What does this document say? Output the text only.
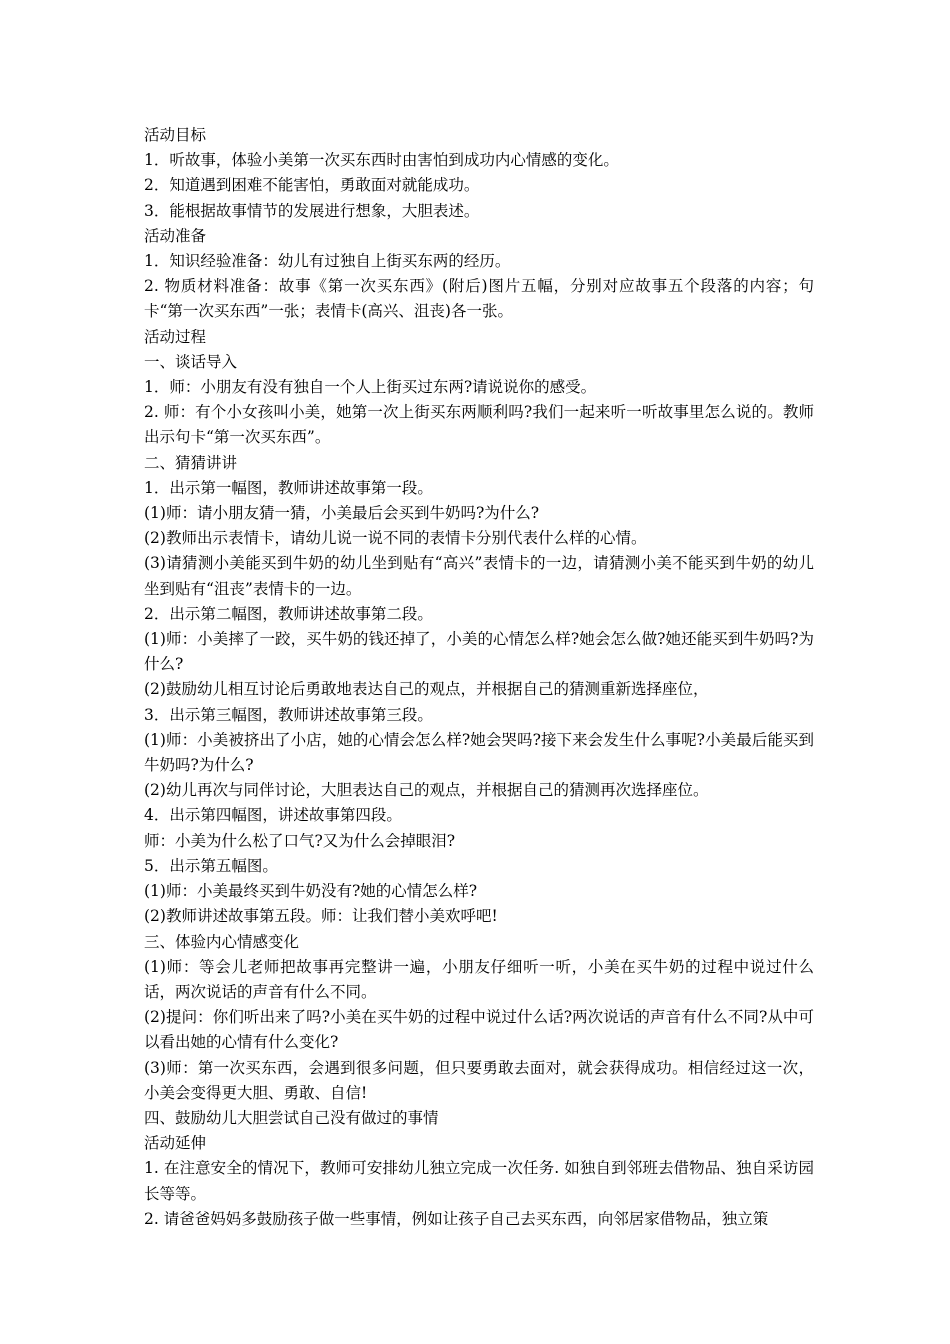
活动目标

1．听故事，体验小美第一次买东西时由害怕到成功内心情感的变化。

2．知道遇到困难不能害怕，勇敢面对就能成功。

3．能根据故事情节的发展进行想象，大胆表述。

活动准备

1．知识经验准备：幼儿有过独自上街买东两的经历。

2. 物质材料准备：故事《第一次买东西》(附后)图片五幅，分别对应故事五个段落的内容；句卡“第一次买东西”一张；表情卡(高兴、沮丧)各一张。

活动过程

一、谈话导入

1．师：小朋友有没有独自一个人上街买过东两?请说说你的感受。

2. 师：有个小女孩叫小美，她第一次上街买东两顺利吗?我们一起来听一听故事里怎么说的。教师出示句卡“第一次买东西”。

二、猜猜讲讲

1．出示第一幅图，教师讲述故事第一段。

(1)师：请小朋友猜一猜，小美最后会买到牛奶吗?为什么?

(2)教师出示表情卡，请幼儿说一说不同的表情卡分别代表什么样的心情。

(3)请猜测小美能买到牛奶的幼儿坐到贴有“高兴”表情卡的一边，请猜测小美不能买到牛奶的幼儿坐到贴有“沮丧”表情卡的一边。

2．出示第二幅图，教师讲述故事第二段。

(1)师：小美摔了一跤，买牛奶的钱还掉了，小美的心情怎么样?她会怎么做?她还能买到牛奶吗?为什么?

(2)鼓励幼儿相互讨论后勇敢地表达自己的观点，并根据自己的猜测重新选择座位，

3．出示第三幅图，教师讲述故事第三段。

(1)师：小美被挤出了小店，她的心情会怎么样?她会哭吗?接下来会发生什么事呢?小美最后能买到牛奶吗?为什么?

(2)幼儿再次与同伴讨论，大胆表达自己的观点，并根据自己的猜测再次选择座位。

4．出示第四幅图，讲述故事第四段。

师：小美为什么松了口气?又为什么会掉眼泪?

5．出示第五幅图。

(1)师：小美最终买到牛奶没有?她的心情怎么样?

(2)教师讲述故事第五段。师：让我们替小美欢呼吧!

三、体验内心情感变化

(1)师：等会儿老师把故事再完整讲一遍，小朋友仔细听一听，小美在买牛奶的过程中说过什么话，两次说话的声音有什么不同。

(2)提问：你们听出来了吗?小美在买牛奶的过程中说过什么话?两次说话的声音有什么不同?从中可以看出她的心情有什么变化?

(3)师：第一次买东西，会遇到很多问题，但只要勇敢去面对，就会获得成功。相信经过这一次，小美会变得更大胆、勇敢、自信!

四、鼓励幼儿大胆尝试自己没有做过的事情

活动延伸

1. 在注意安全的情况下，教师可安排幼儿独立完成一次任务. 如独自到邻班去借物品、独自采访园长等等。

2. 请爸爸妈妈多鼓励孩子做一些事情，例如让孩子自己去买东西，向邻居家借物品，独立策
